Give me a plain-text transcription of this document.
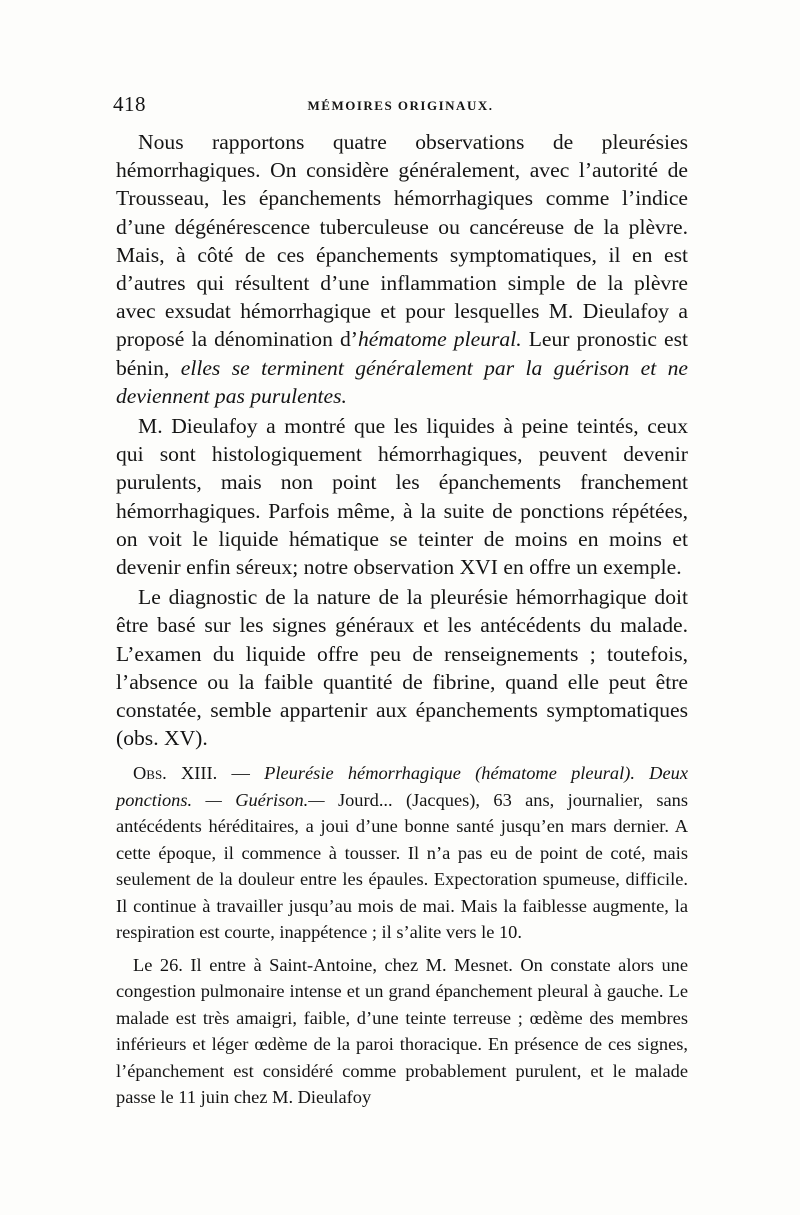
418	MÉMOIRES ORIGINAUX.

Nous rapportons quatre observations de pleurésies hémorrhagiques. On considère généralement, avec l’autorité de Trousseau, les épanchements hémorrhagiques comme l’indice d’une dégénérescence tuberculeuse ou cancéreuse de la plèvre. Mais, à côté de ces épanchements symptomatiques, il en est d’autres qui résultent d’une inflammation simple de la plèvre avec exsudat hémorrhagique et pour lesquelles M. Dieulafoy a proposé la dénomination d’hématome pleural. Leur pronostic est bénin, elles se terminent généralement par la guérison et ne deviennent pas purulentes.

M. Dieulafoy a montré que les liquides à peine teintés, ceux qui sont histologiquement hémorrhagiques, peuvent devenir purulents, mais non point les épanchements franchement hémorrhagiques. Parfois même, à la suite de ponctions répétées, on voit le liquide hématique se teinter de moins en moins et devenir enfin séreux; notre observation XVI en offre un exemple.

Le diagnostic de la nature de la pleurésie hémorrhagique doit être basé sur les signes généraux et les antécédents du malade. L’examen du liquide offre peu de renseignements ; toutefois, l’absence ou la faible quantité de fibrine, quand elle peut être constatée, semble appartenir aux épanchements symptomatiques (obs. XV).

Obs. XIII. — Pleurésie hémorrhagique (hématome pleural). Deux ponctions. — Guérison.— Jourd... (Jacques), 63 ans, journalier, sans antécédents héréditaires, a joui d’une bonne santé jusqu’en mars dernier. A cette époque, il commence à tousser. Il n’a pas eu de point de coté, mais seulement de la douleur entre les épaules. Expectoration spumeuse, difficile. Il continue à travailler jusqu’au mois de mai. Mais la faiblesse augmente, la respiration est courte, inappétence ; il s’alite vers le 10.

Le 26. Il entre à Saint-Antoine, chez M. Mesnet. On constate alors une congestion pulmonaire intense et un grand épanchement pleural à gauche. Le malade est très amaigri, faible, d’une teinte terreuse ; œdème des membres inférieurs et léger œdème de la paroi thoracique. En présence de ces signes, l’épanchement est considéré comme probablement purulent, et le malade passe le 11 juin chez M. Dieulafoy
